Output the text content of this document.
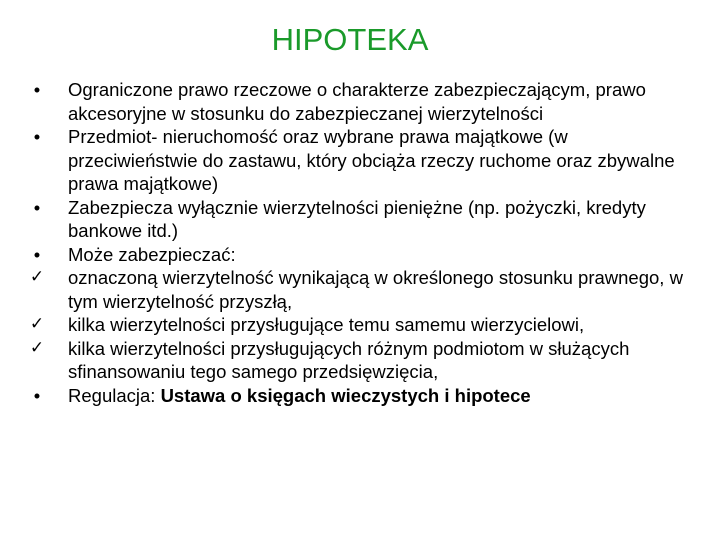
HIPOTEKA
•	Ograniczone prawo rzeczowe o charakterze zabezpieczającym, prawo akcesoryjne w stosunku do zabezpieczanej wierzytelności
•	Przedmiot- nieruchomość oraz wybrane prawa majątkowe (w przeciwieństwie do zastawu, który obciąża rzeczy ruchome oraz zbywalne prawa majątkowe)
•	Zabezpiecza wyłącznie wierzytelności pieniężne (np. pożyczki, kredyty bankowe itd.)
•	Może zabezpieczać:
✓ oznaczoną wierzytelność wynikającą w określonego stosunku prawnego, w tym wierzytelność przyszłą,
✓ kilka wierzytelności przysługujące temu samemu wierzycielowi,
✓ kilka wierzytelności przysługujących różnym podmiotom w służących sfinansowaniu tego samego przedsięwzięcia,
•	Regulacja: Ustawa o księgach wieczystych i hipotece
